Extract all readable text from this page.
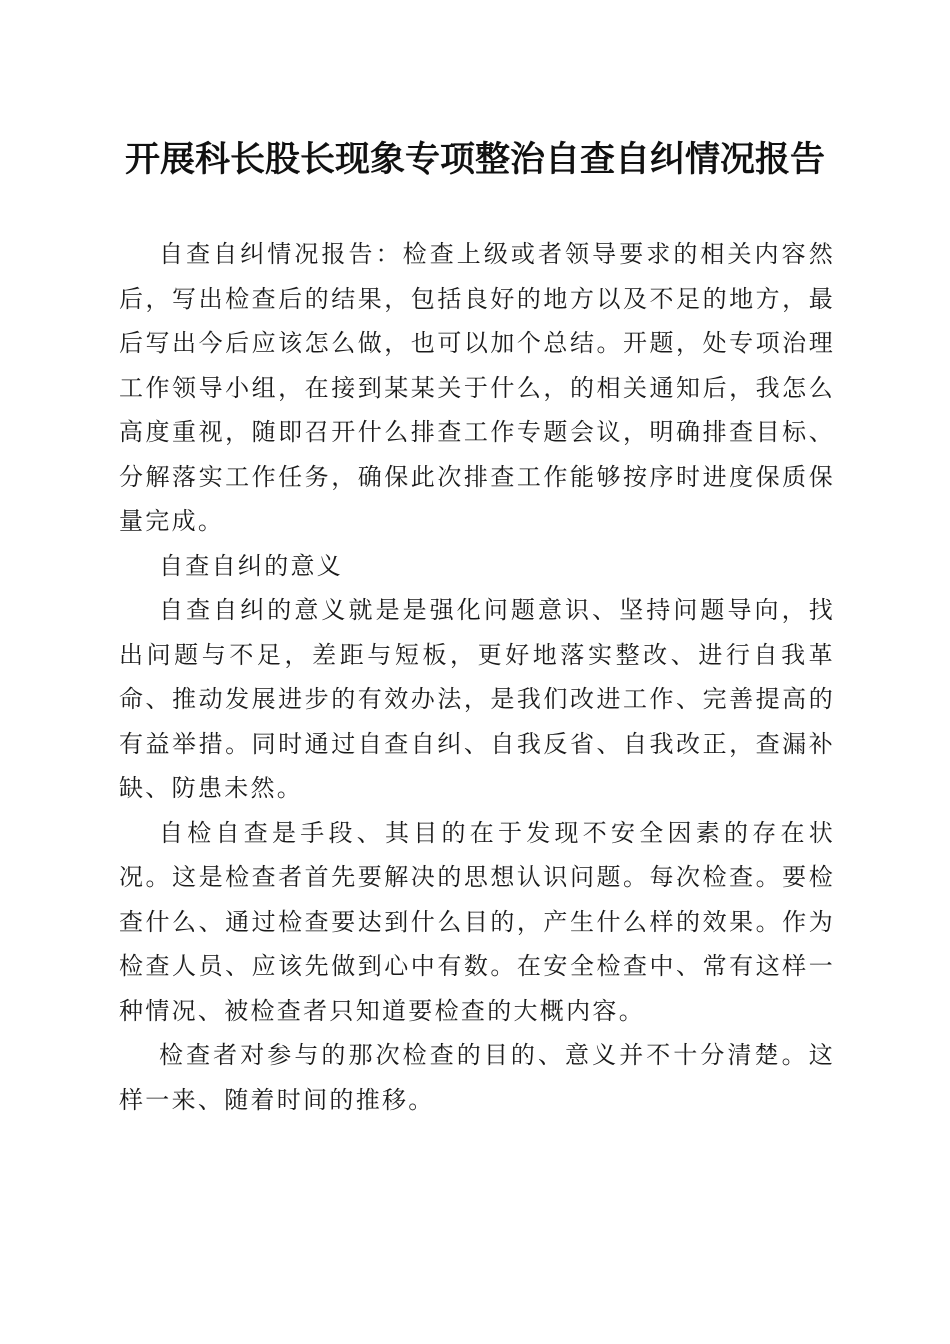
开展科长股长现象专项整治自查自纠情况报告

自查自纠情况报告：检查上级或者领导要求的相关内容然后，写出检查后的结果，包括良好的地方以及不足的地方，最后写出今后应该怎么做，也可以加个总结。开题，处专项治理工作领导小组，在接到某某关于什么，的相关通知后，我怎么高度重视，随即召开什么排查工作专题会议，明确排查目标、分解落实工作任务，确保此次排查工作能够按序时进度保质保量完成。

自查自纠的意义

自查自纠的意义就是是强化问题意识、坚持问题导向，找出问题与不足，差距与短板，更好地落实整改、进行自我革命、推动发展进步的有效办法，是我们改进工作、完善提高的有益举措。同时通过自查自纠、自我反省、自我改正，查漏补缺、防患未然。

自检自查是手段、其目的在于发现不安全因素的存在状况。这是检查者首先要解决的思想认识问题。每次检查。要检查什么、通过检查要达到什么目的，产生什么样的效果。作为检查人员、应该先做到心中有数。在安全检查中、常有这样一种情况、被检查者只知道要检查的大概内容。

检查者对参与的那次检查的目的、意义并不十分清楚。这样一来、随着时间的推移。
